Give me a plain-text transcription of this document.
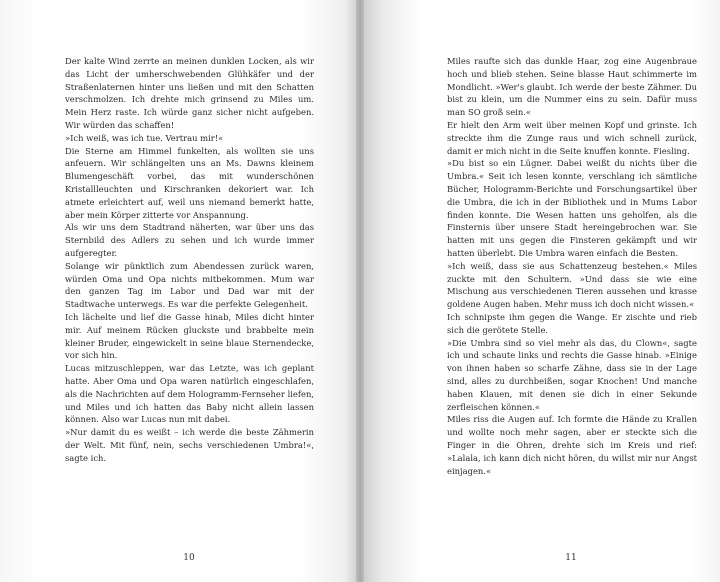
Der kalte Wind zerrte an meinen dunklen Locken, als wir das Licht der umherschwebenden Glühkäfer und der Straßenlaternen hinter uns ließen und mit den Schatten verschmolzen. Ich drehte mich grinsend zu Miles um. Mein Herz raste. Ich würde ganz sicher nicht aufgeben. Wir würden das schaffen!

»Ich weiß, was ich tue. Vertrau mir!«

Die Sterne am Himmel funkelten, als wollten sie uns anfeuern. Wir schlängelten uns an Ms. Dawns kleinem Blumengeschäft vorbei, das mit wunderschönen Kristallleuchten und Kirschranken dekoriert war. Ich atmete erleichtert auf, weil uns niemand bemerkt hatte, aber mein Körper zitterte vor Anspannung.

Als wir uns dem Stadtrand näherten, war über uns das Sternbild des Adlers zu sehen und ich wurde immer aufgeregter.

Solange wir pünktlich zum Abendessen zurück waren, würden Oma und Opa nichts mitbekommen. Mum war den ganzen Tag im Labor und Dad war mit der Stadtwache unterwegs. Es war die perfekte Gelegenheit.

Ich lächelte und lief die Gasse hinab, Miles dicht hinter mir. Auf meinem Rücken gluckste und brabbelte mein kleiner Bruder, eingewickelt in seine blaue Sternendecke, vor sich hin.

Lucas mitzuschleppen, war das Letzte, was ich geplant hatte. Aber Oma und Opa waren natürlich eingeschlafen, als die Nachrichten auf dem Hologramm-Fernseher liefen, und Miles und ich hatten das Baby nicht allein lassen können. Also war Lucas nun mit dabei.

»Nur damit du es weißt – ich werde die beste Zähmerin der Welt. Mit fünf, nein, sechs verschiedenen Umbra!«, sagte ich.

10

Miles raufte sich das dunkle Haar, zog eine Augenbraue hoch und blieb stehen. Seine blasse Haut schimmerte im Mondlicht. »Wer's glaubt. Ich werde der beste Zähmer. Du bist zu klein, um die Nummer eins zu sein. Dafür muss man SO groß sein.«

Er hielt den Arm weit über meinen Kopf und grinste. Ich streckte ihm die Zunge raus und wich schnell zurück, damit er mich nicht in die Seite knuffen konnte. Fiesling.

»Du bist so ein Lügner. Dabei weißt du nichts über die Umbra.« Seit ich lesen konnte, verschlang ich sämtliche Bücher, Hologramm-Berichte und Forschungsartikel über die Umbra, die ich in der Bibliothek und in Mums Labor finden konnte. Die Wesen hatten uns geholfen, als die Finsternis über unsere Stadt hereingebrochen war. Sie hatten mit uns gegen die Finsteren gekämpft und wir hatten überlebt. Die Umbra waren einfach die Besten.

»Ich weiß, dass sie aus Schattenzeug bestehen.« Miles zuckte mit den Schultern. »Und dass sie wie eine Mischung aus verschiedenen Tieren aussehen und krasse goldene Augen haben. Mehr muss ich doch nicht wissen.«

Ich schnipste ihm gegen die Wange. Er zischte und rieb sich die gerötete Stelle.

»Die Umbra sind so viel mehr als das, du Clown«, sagte ich und schaute links und rechts die Gasse hinab. »Einige von ihnen haben so scharfe Zähne, dass sie in der Lage sind, alles zu durchbeißen, sogar Knochen! Und manche haben Klauen, mit denen sie dich in einer Sekunde zerfleischen können.«

Miles riss die Augen auf. Ich formte die Hände zu Krallen und wollte noch mehr sagen, aber er steckte sich die Finger in die Ohren, drehte sich im Kreis und rief: »Lalala, ich kann dich nicht hören, du willst mir nur Angst einjagen.«

11
